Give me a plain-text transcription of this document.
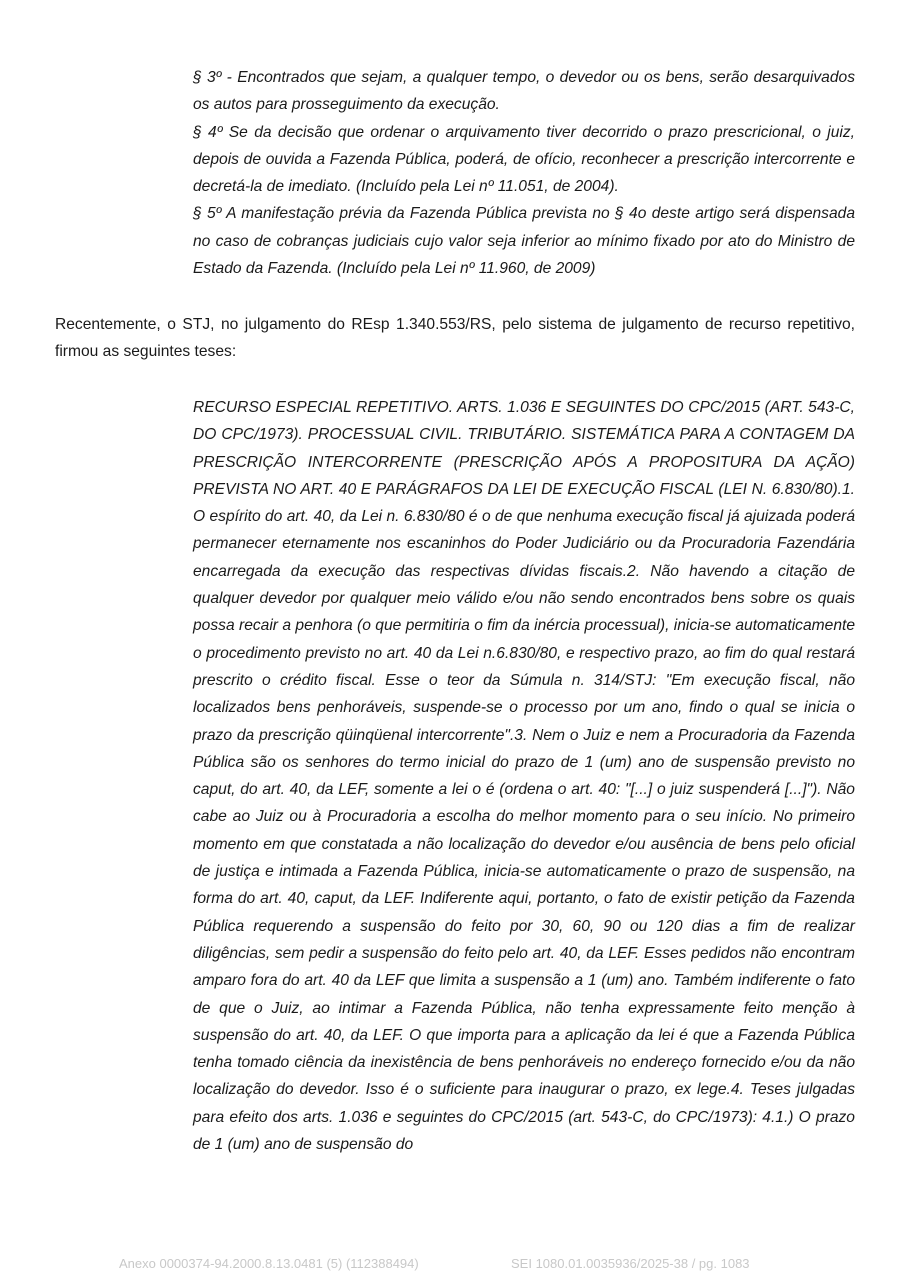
§ 3º - Encontrados que sejam, a qualquer tempo, o devedor ou os bens, serão desarquivados os autos para prosseguimento da execução.

§ 4º Se da decisão que ordenar o arquivamento tiver decorrido o prazo prescricional, o juiz, depois de ouvida a Fazenda Pública, poderá, de ofício, reconhecer a prescrição intercorrente e decretá-la de imediato. (Incluído pela Lei nº 11.051, de 2004).

§ 5º A manifestação prévia da Fazenda Pública prevista no § 4o deste artigo será dispensada no caso de cobranças judiciais cujo valor seja inferior ao mínimo fixado por ato do Ministro de Estado da Fazenda. (Incluído pela Lei nº 11.960, de 2009)

Recentemente, o STJ, no julgamento do REsp 1.340.553/RS, pelo sistema de julgamento de recurso repetitivo, firmou as seguintes teses:

RECURSO ESPECIAL REPETITIVO. ARTS. 1.036 E SEGUINTES DO CPC/2015 (ART. 543-C, DO CPC/1973). PROCESSUAL CIVIL. TRIBUTÁRIO. SISTEMÁTICA PARA A CONTAGEM DA PRESCRIÇÃO INTERCORRENTE (PRESCRIÇÃO APÓS A PROPOSITURA DA AÇÃO) PREVISTA NO ART. 40 E PARÁGRAFOS DA LEI DE EXECUÇÃO FISCAL (LEI N. 6.830/80).1. O espírito do art. 40, da Lei n. 6.830/80 é o de que nenhuma execução fiscal já ajuizada poderá permanecer eternamente nos escaninhos do Poder Judiciário ou da Procuradoria Fazendária encarregada da execução das respectivas dívidas fiscais.2. Não havendo a citação de qualquer devedor por qualquer meio válido e/ou não sendo encontrados bens sobre os quais possa recair a penhora (o que permitiria o fim da inércia processual), inicia-se automaticamente o procedimento previsto no art. 40 da Lei n.6.830/80, e respectivo prazo, ao fim do qual restará prescrito o crédito fiscal. Esse o teor da Súmula n. 314/STJ: "Em execução fiscal, não localizados bens penhoráveis, suspende-se o processo por um ano, findo o qual se inicia o prazo da prescrição qüinqüenal intercorrente".3. Nem o Juiz e nem a Procuradoria da Fazenda Pública são os senhores do termo inicial do prazo de 1 (um) ano de suspensão previsto no caput, do art. 40, da LEF, somente a lei o é (ordena o art. 40: "[...] o juiz suspenderá [...]"). Não cabe ao Juiz ou à Procuradoria a escolha do melhor momento para o seu início. No primeiro momento em que constatada a não localização do devedor e/ou ausência de bens pelo oficial de justiça e intimada a Fazenda Pública, inicia-se automaticamente o prazo de suspensão, na forma do art. 40, caput, da LEF. Indiferente aqui, portanto, o fato de existir petição da Fazenda Pública requerendo a suspensão do feito por 30, 60, 90 ou 120 dias a fim de realizar diligências, sem pedir a suspensão do feito pelo art. 40, da LEF. Esses pedidos não encontram amparo fora do art. 40 da LEF que limita a suspensão a 1 (um) ano. Também indiferente o fato de que o Juiz, ao intimar a Fazenda Pública, não tenha expressamente feito menção à suspensão do art. 40, da LEF. O que importa para a aplicação da lei é que a Fazenda Pública tenha tomado ciência da inexistência de bens penhoráveis no endereço fornecido e/ou da não localização do devedor. Isso é o suficiente para inaugurar o prazo, ex lege.4. Teses julgadas para efeito dos arts. 1.036 e seguintes do CPC/2015 (art. 543-C, do CPC/1973): 4.1.) O prazo de 1 (um) ano de suspensão do

Anexo 0000374-94.2000.8.13.0481 (5) (112388494)	SEI 1080.01.0035936/2025-38 / pg. 1083
